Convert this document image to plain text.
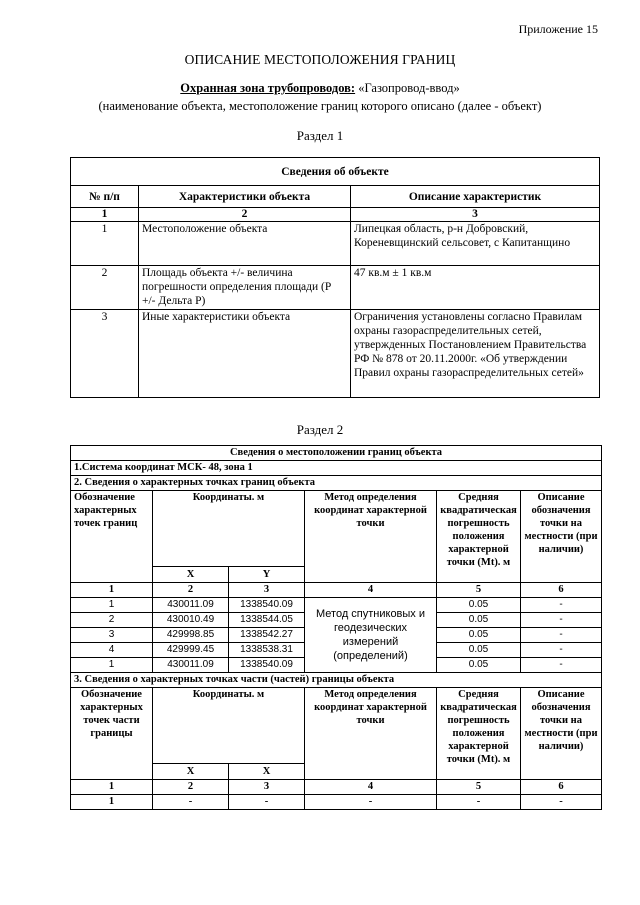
Приложение 15
ОПИСАНИЕ МЕСТОПОЛОЖЕНИЯ ГРАНИЦ
Охранная зона трубопроводов: «Газопровод-ввод»
(наименование объекта, местоположение границ которого описано (далее - объект)
Раздел 1
Сведения об объекте		
№ п/п	Характеристики объекта	Описание характеристик
1	2	3
1	Местоположение объекта	Липецкая область, р-н Добровский, Кореневщинский сельсовет, с Капитанщино
2	Площадь объекта +/- величина погрешности определения площади (Р +/- Дельта Р)	47 кв.м ± 1 кв.м
3	Иные характеристики объекта	Ограничения установлены согласно Правилам охраны газораспределительных сетей, утвержденных Постановлением Правительства РФ № 878 от 20.11.2000г. «Об утверждении Правил охраны газораспределительных сетей»
Раздел 2
Сведения о местоположении границ объекта					
1.Система координат МСК- 48, зона 1					
2. Сведения о характерных точках границ объекта					
Обозначение характерных точек границ	Координаты. м		Метод определения координат характерной точки	Средняя квадратическая погрешность положения характерной точки (Mt). м	Описание обозначения точки на местности (при наличии)
	X	Y			
1	2	3	4	5	6
1	430011.09	1338540.09	Метод спутниковых и геодезических измерений (определений)	0.05	-
2	430010.49	1338544.05		0.05	-
3	429998.85	1338542.27		0.05	-
4	429999.45	1338538.31		0.05	-
1	430011.09	1338540.09		0.05	-
3. Сведения о характерных точках части (частей) границы объекта					
Обозначение характерных точек части границы	Координаты. м		Метод определения координат характерной точки	Средняя квадратическая погрешность положения характерной точки (Mt). м	Описание обозначения точки на местности (при наличии)
	X	X			
1	2	3	4	5	6
1	-	-	-	-	-
